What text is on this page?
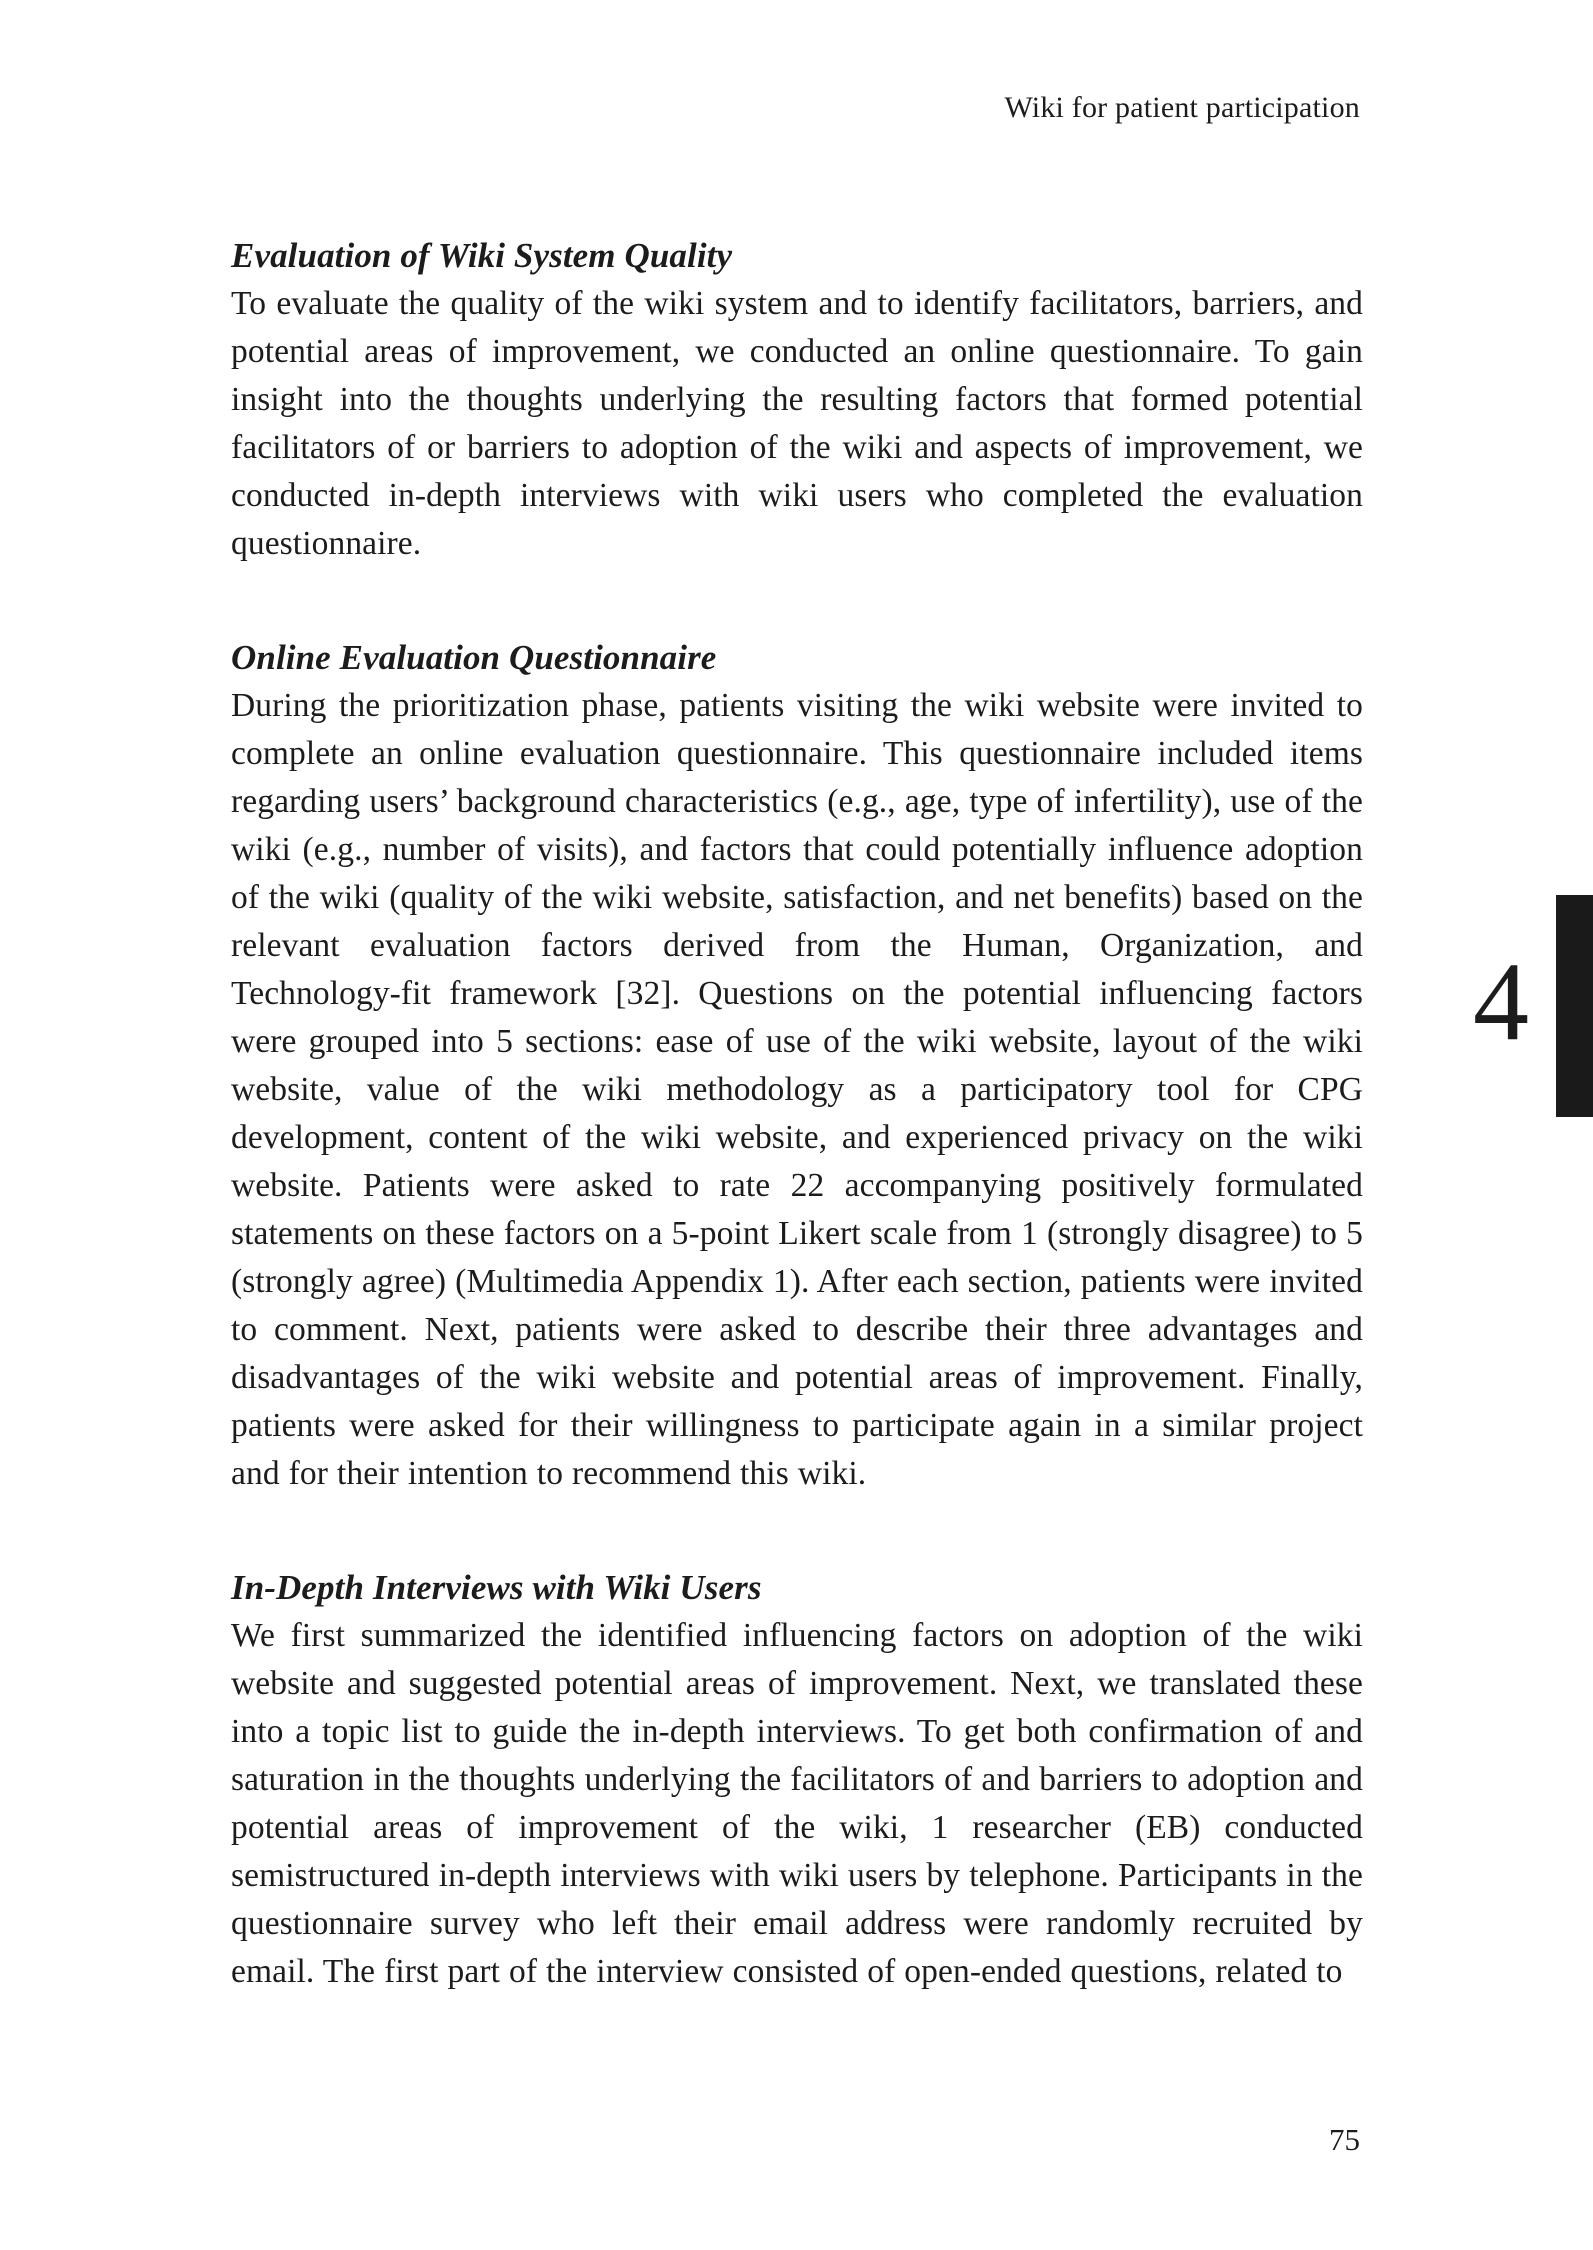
Wiki for patient participation
4
Evaluation of Wiki System Quality

To evaluate the quality of the wiki system and to identify facilitators, barriers, and potential areas of improvement, we conducted an online questionnaire. To gain insight into the thoughts underlying the resulting factors that formed potential facilitators of or barriers to adoption of the wiki and aspects of improvement, we conducted in-depth interviews with wiki users who completed the evaluation questionnaire.

Online Evaluation Questionnaire

During the prioritization phase, patients visiting the wiki website were invited to complete an online evaluation questionnaire. This questionnaire included items regarding users’ background characteristics (e.g., age, type of infertility), use of the wiki (e.g., number of visits), and factors that could potentially influence adoption of the wiki (quality of the wiki website, satisfaction, and net benefits) based on the relevant evaluation factors derived from the Human, Organization, and Technology-fit framework [32]. Questions on the potential influencing factors were grouped into 5 sections: ease of use of the wiki website, layout of the wiki website, value of the wiki methodology as a participatory tool for CPG development, content of the wiki website, and experienced privacy on the wiki website. Patients were asked to rate 22 accompanying positively formulated statements on these factors on a 5-point Likert scale from 1 (strongly disagree) to 5 (strongly agree) (Multimedia Appendix 1). After each section, patients were invited to comment. Next, patients were asked to describe their three advantages and disadvantages of the wiki website and potential areas of improvement. Finally, patients were asked for their willingness to participate again in a similar project and for their intention to recommend this wiki.

In-Depth Interviews with Wiki Users

We first summarized the identified influencing factors on adoption of the wiki website and suggested potential areas of improvement. Next, we translated these into a topic list to guide the in-depth interviews. To get both confirmation of and saturation in the thoughts underlying the facilitators of and barriers to adoption and potential areas of improvement of the wiki, 1 researcher (EB) conducted semistructured in-depth interviews with wiki users by telephone. Participants in the questionnaire survey who left their email address were randomly recruited by email. The first part of the interview consisted of open-ended questions, related to

75
